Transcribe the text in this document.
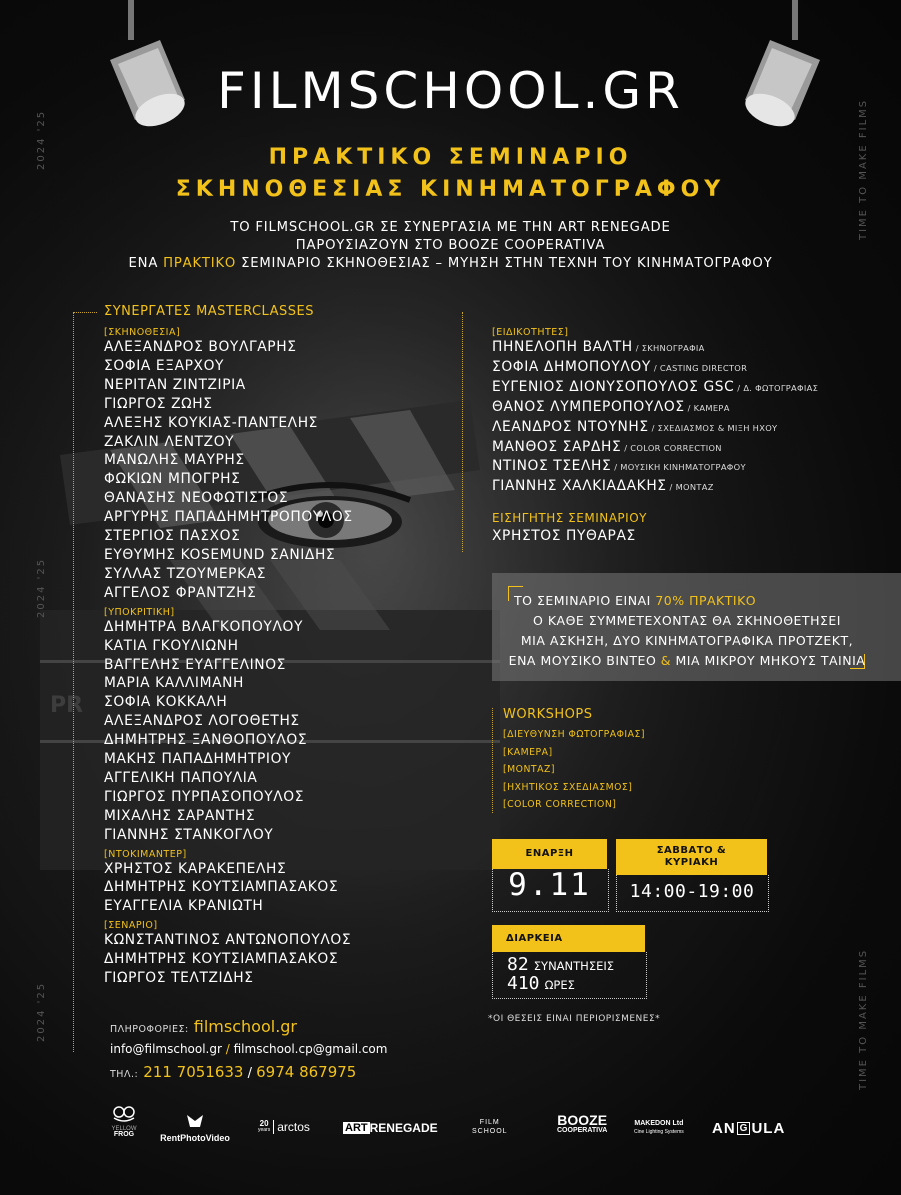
PR
2024 '25
2024 '25
2024 '25
TIME TO MAKE FILMS
TIME TO MAKE FILMS
FILMSCHOOL.GR
ΠΡΑΚΤΙΚΟ ΣΕΜΙΝΑΡΙΟ
ΣΚΗΝΟΘΕΣΙΑΣ ΚΙΝΗΜΑΤΟΓΡΑΦΟΥ
ΤΟ FILMSCHOOL.GR ΣΕ ΣΥΝΕΡΓΑΣΙΑ ΜΕ ΤΗΝ ART RENEGADE
ΠΑΡΟΥΣΙΑΖΟΥΝ ΣΤΟ BOOZE COOPERATIVA
ΕΝΑ ΠΡΑΚΤΙΚΟ ΣΕΜΙΝΑΡΙΟ ΣΚΗΝΟΘΕΣΙΑΣ – ΜΥΗΣΗ ΣΤΗΝ ΤΕΧΝΗ ΤΟΥ ΚΙΝΗΜΑΤΟΓΡΑΦΟΥ
ΣΥΝΕΡΓΑΤΕΣ MASTERCLASSES
[ΣΚΗΝΟΘΕΣΙΑ]
ΑΛΕΞΑΝΔΡΟΣ ΒΟΥΛΓΑΡΗΣ
ΣΟΦΙΑ ΕΞΑΡΧΟΥ
ΝΕΡΙΤΑΝ ΖΙΝΤΖΙΡΙΑ
ΓΙΩΡΓΟΣ ΖΩΗΣ
ΑΛΕΞΗΣ ΚΟΥΚΙΑΣ-ΠΑΝΤΕΛΗΣ
ΖΑΚΛΙΝ ΛΕΝΤΖΟΥ
ΜΑΝΩΛΗΣ ΜΑΥΡΗΣ
ΦΩΚΙΩΝ ΜΠΟΓΡΗΣ
ΘΑΝΑΣΗΣ ΝΕΟΦΩΤΙΣΤΟΣ
ΑΡΓΥΡΗΣ ΠΑΠΑΔΗΜΗΤΡΟΠΟΥΛΟΣ
ΣΤΕΡΓΙΟΣ ΠΑΣΧΟΣ
ΕΥΘΥΜΗΣ KOSEMUND ΣΑΝΙΔΗΣ
ΣΥΛΛΑΣ ΤΖΟΥΜΕΡΚΑΣ
ΑΓΓΕΛΟΣ ΦΡΑΝΤΖΗΣ
[ΥΠΟΚΡΙΤΙΚΗ]
ΔΗΜΗΤΡΑ ΒΛΑΓΚΟΠΟΥΛΟΥ
ΚΑΤΙΑ ΓΚΟΥΛΙΩΝΗ
ΒΑΓΓΕΛΗΣ ΕΥΑΓΓΕΛΙΝΟΣ
ΜΑΡΙΑ ΚΑΛΛΙΜΑΝΗ
ΣΟΦΙΑ ΚΟΚΚΑΛΗ
ΑΛΕΞΑΝΔΡΟΣ ΛΟΓΟΘΕΤΗΣ
ΔΗΜΗΤΡΗΣ ΞΑΝΘΟΠΟΥΛΟΣ
ΜΑΚΗΣ ΠΑΠΑΔΗΜΗΤΡΙΟΥ
ΑΓΓΕΛΙΚΗ ΠΑΠΟΥΛΙΑ
ΓΙΩΡΓΟΣ ΠΥΡΠΑΣΟΠΟΥΛΟΣ
ΜΙΧΑΛΗΣ ΣΑΡΑΝΤΗΣ
ΓΙΑΝΝΗΣ ΣΤΑΝΚΟΓΛΟΥ
[ΝΤΟΚΙΜΑΝΤΕΡ]
ΧΡΗΣΤΟΣ ΚΑΡΑΚΕΠΕΛΗΣ
ΔΗΜΗΤΡΗΣ ΚΟΥΤΣΙΑΜΠΑΣΑΚΟΣ
ΕΥΑΓΓΕΛΙΑ ΚΡΑΝΙΩΤΗ
[ΣΕΝΑΡΙΟ]
ΚΩΝΣΤΑΝΤΙΝΟΣ ΑΝΤΩΝΟΠΟΥΛΟΣ
ΔΗΜΗΤΡΗΣ ΚΟΥΤΣΙΑΜΠΑΣΑΚΟΣ
ΓΙΩΡΓΟΣ ΤΕΛΤΖΙΔΗΣ
ΠΛΗΡΟΦΟΡΙΕΣ: filmschool.gr
info@filmschool.gr / filmschool.cp@gmail.com
ΤΗΛ.: 211 7051633 / 6974 867975
[ΕΙΔΙΚΟΤΗΤΕΣ]
ΠΗΝΕΛΟΠΗ ΒΑΛΤΗ / ΣΚΗΝΟΓΡΑΦΙΑ
ΣΟΦΙΑ ΔΗΜΟΠΟΥΛΟΥ / CASTING DIRECTOR
ΕΥΓΕΝΙΟΣ ΔΙΟΝΥΣΟΠΟΥΛΟΣ GSC / Δ. ΦΩΤΟΓΡΑΦΙΑΣ
ΘΑΝΟΣ ΛΥΜΠΕΡΟΠΟΥΛΟΣ / ΚΑΜΕΡΑ
ΛΕΑΝΔΡΟΣ ΝΤΟΥΝΗΣ / ΣΧΕΔΙΑΣΜΟΣ & ΜΙΞΗ ΗΧΟΥ
ΜΑΝΘΟΣ ΣΑΡΔΗΣ / COLOR CORRECTION
ΝΤΙΝΟΣ ΤΣΕΛΗΣ / ΜΟΥΣΙΚΗ ΚΙΝΗΜΑΤΟΓΡΑΦΟΥ
ΓΙΑΝΝΗΣ ΧΑΛΚΙΑΔΑΚΗΣ / ΜΟΝΤΑΖ
ΕΙΣΗΓΗΤΗΣ ΣΕΜΙΝΑΡΙΟΥ
ΧΡΗΣΤΟΣ ΠΥΘΑΡΑΣ
ΤΟ ΣΕΜΙΝΑΡΙΟ ΕΙΝΑΙ 70% ΠΡΑΚΤΙΚΟ
Ο ΚΑΘΕ ΣΥΜΜΕΤΕΧΟΝΤΑΣ ΘΑ ΣΚΗΝΟΘΕΤΗΣΕΙ
ΜΙΑ ΑΣΚΗΣΗ, ΔΥΟ ΚΙΝΗΜΑΤΟΓΡΑΦΙΚΑ ΠΡΟΤΖΕΚΤ,
ΕΝΑ ΜΟΥΣΙΚΟ ΒΙΝΤΕΟ & ΜΙΑ ΜΙΚΡΟΥ ΜΗΚΟΥΣ ΤΑΙΝΙΑ
WORKSHOPS
[ΔΙΕΥΘΥΝΣΗ ΦΩΤΟΓΡΑΦΙΑΣ]
[ΚΑΜΕΡΑ]
[ΜΟΝΤΑΖ]
[ΗΧΗΤΙΚΟΣ ΣΧΕΔΙΑΣΜΟΣ]
[COLOR CORRECTION]
ΕΝΑΡΞΗ
9.11
ΣΑΒΒΑΤΟ &
ΚΥΡΙΑΚΗ
14:00-19:00
ΔΙΑΡΚΕΙΑ
82 ΣΥΝΑΝΤΗΣΕΙΣ
410 ΩΡΕΣ
*ΟΙ ΘΕΣΕΙΣ ΕΙΝΑΙ ΠΕΡΙΟΡΙΣΜΕΝΕΣ*
YELLOW
FROG	RentPhotoVideo
20
years arctos	ART RENEGADE	FILM
SCHOOL
BOOZE
COOPERATIVA
MAKEDON Ltd
Cine Lighting Systems AN G ULA
